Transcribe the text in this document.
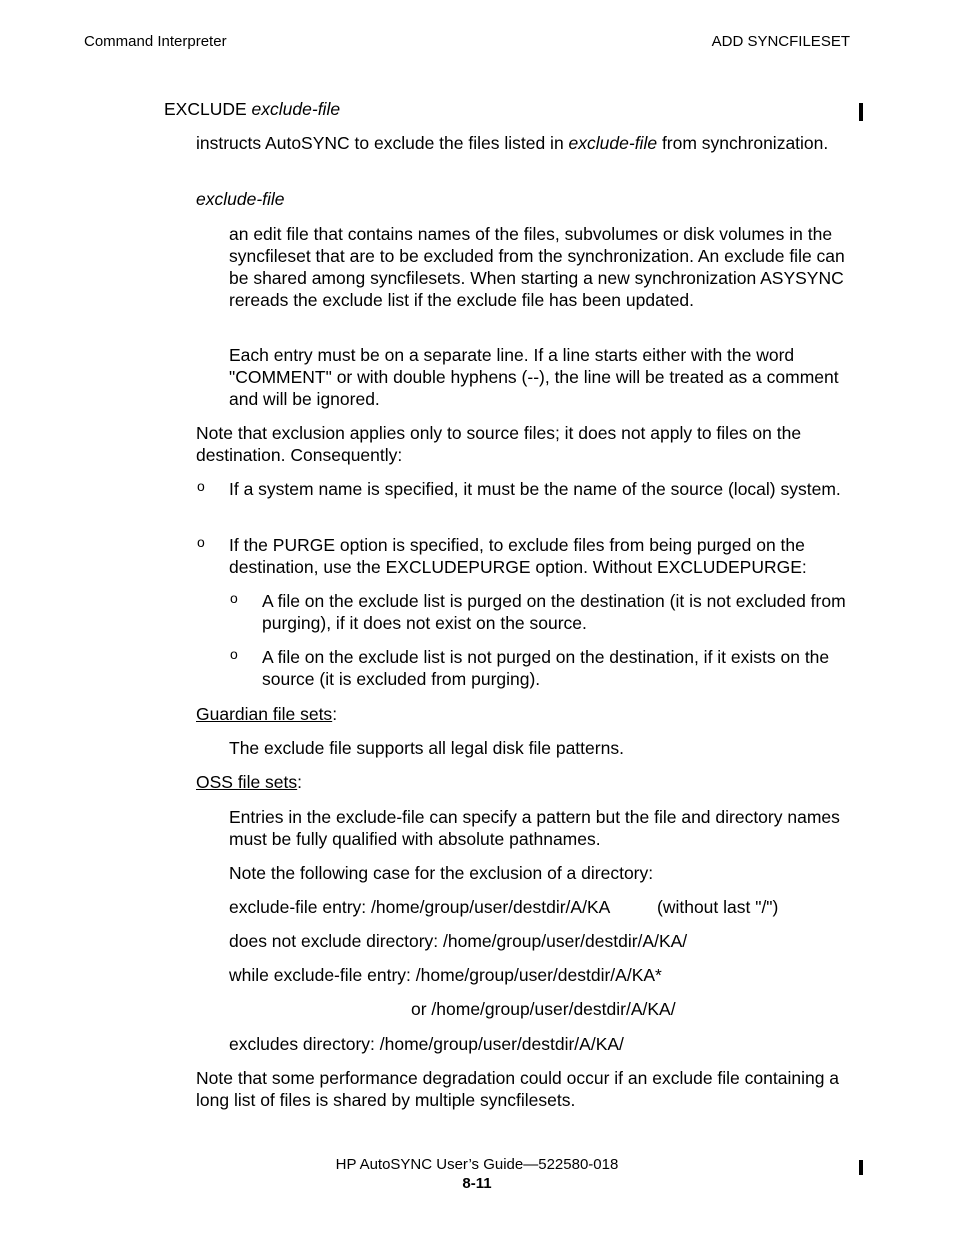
Command Interpreter	ADD SYNCFILESET

EXCLUDE exclude-file

instructs AutoSYNC to exclude the files listed in exclude-file from synchronization.

exclude-file

an edit file that contains names of the files, subvolumes or disk volumes in the syncfileset that are to be excluded from the synchronization. An exclude file can be shared among syncfilesets. When starting a new synchronization ASYSYNC rereads the exclude list if the exclude file has been updated.

Each entry must be on a separate line. If a line starts either with the word "COMMENT" or with double hyphens (--), the line will be treated as a comment and will be ignored.

Note that exclusion applies only to source files; it does not apply to files on the destination. Consequently:

o If a system name is specified, it must be the name of the source (local) system.

o If the PURGE option is specified, to exclude files from being purged on the destination, use the EXCLUDEPURGE option. Without EXCLUDEPURGE:

o A file on the exclude list is purged on the destination (it is not excluded from purging), if it does not exist on the source.

o A file on the exclude list is not purged on the destination, if it exists on the source (it is excluded from purging).

Guardian file sets:

The exclude file supports all legal disk file patterns.

OSS file sets:

Entries in the exclude-file can specify a pattern but the file and directory names must be fully qualified with absolute pathnames.

Note the following case for the exclusion of a directory:

exclude-file entry: /home/group/user/destdir/A/KA	(without last "/")

does not exclude directory: /home/group/user/destdir/A/KA/

while exclude-file entry: /home/group/user/destdir/A/KA*

or /home/group/user/destdir/A/KA/

excludes directory: /home/group/user/destdir/A/KA/

Note that some performance degradation could occur if an exclude file containing a long list of files is shared by multiple syncfilesets.

HP AutoSYNC User’s Guide—522580-018
8-11
